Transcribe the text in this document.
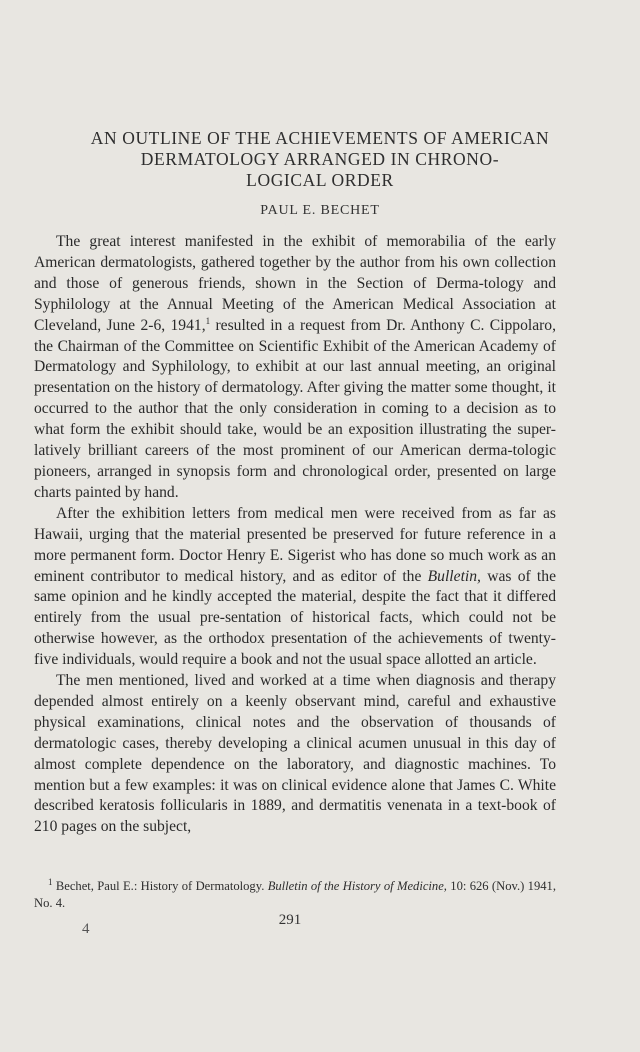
AN OUTLINE OF THE ACHIEVEMENTS OF AMERICAN
DERMATOLOGY ARRANGED IN CHRONO-
LOGICAL ORDER
PAUL E. BECHET

The great interest manifested in the exhibit of memorabilia of the early American dermatologists, gathered together by the author from his own collection and those of generous friends, shown in the Section of Derma-tology and Syphilology at the Annual Meeting of the American Medical Association at Cleveland, June 2-6, 1941,$^1$ resulted in a request from Dr. Anthony C. Cippolaro, the Chairman of the Committee on Scientific Exhibit of the American Academy of Dermatology and Syphilology, to exhibit at our last annual meeting, an original presentation on the history of dermatology. After giving the matter some thought, it occurred to the author that the only consideration in coming to a decision as to what form the exhibit should take, would be an exposition illustrating the super-latively brilliant careers of the most prominent of our American derma-tologic pioneers, arranged in synopsis form and chronological order, presented on large charts painted by hand.

After the exhibition letters from medical men were received from as far as Hawaii, urging that the material presented be preserved for future reference in a more permanent form. Doctor Henry E. Sigerist who has done so much work as an eminent contributor to medical history, and as editor of the Bulletin, was of the same opinion and he kindly accepted the material, despite the fact that it differed entirely from the usual pre-sentation of historical facts, which could not be otherwise however, as the orthodox presentation of the achievements of twenty-five individuals, would require a book and not the usual space allotted an article.

The men mentioned, lived and worked at a time when diagnosis and therapy depended almost entirely on a keenly observant mind, careful and exhaustive physical examinations, clinical notes and the observation of thousands of dermatologic cases, thereby developing a clinical acumen unusual in this day of almost complete dependence on the laboratory, and diagnostic machines. To mention but a few examples: it was on clinical evidence alone that James C. White described keratosis follicularis in 1889, and dermatitis venenata in a text-book of 210 pages on the subject,

$^1$ Bechet, Paul E.: History of Dermatology. Bulletin of the History of Medicine, 10: 626 (Nov.) 1941, No. 4.
291
4
